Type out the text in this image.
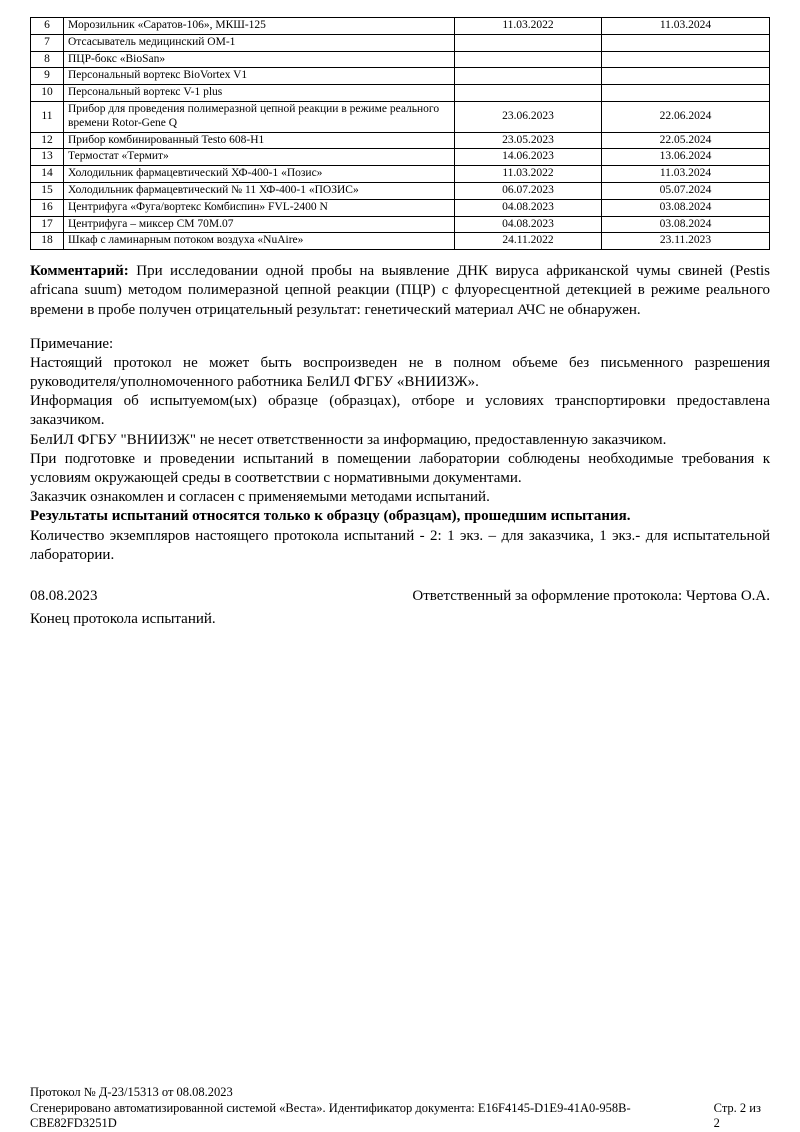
6	Морозильник «Саратов-106», МКШ-125	11.03.2022	11.03.2024
7	Отсасыватель медицинский ОМ-1		
8	ПЦР-бокс «BioSan»		
9	Персональный вортекс BioVortex V1		
10	Персональный вортекс V-1 plus		
11	Прибор для проведения полимеразной цепной реакции в режиме реального времени Rotor-Gene Q	23.06.2023	22.06.2024
12	Прибор комбинированный Testo 608-H1	23.05.2023	22.05.2024
13	Термостат «Термит»	14.06.2023	13.06.2024
14	Холодильник фармацевтический ХФ-400-1 «Позис»	11.03.2022	11.03.2024
15	Холодильник фармацевтический № 11 ХФ-400-1 «ПОЗИС»	06.07.2023	05.07.2024
16	Центрифуга «Фуга/вортекс Комбиспин» FVL-2400 N	04.08.2023	03.08.2024
17	Центрифуга – миксер СМ 70М.07	04.08.2023	03.08.2024
18	Шкаф с ламинарным потоком воздуха «NuAire»	24.11.2022	23.11.2023

Комментарий: При исследовании одной пробы на выявление ДНК вируса африканской чумы свиней (Pestis africana suum) методом полимеразной цепной реакции (ПЦР) с флуоресцентной детекцией в режиме реального времени в пробе получен отрицательный результат: генетический материал АЧС не обнаружен.

Примечание:

Настоящий протокол не может быть воспроизведен не в полном объеме без письменного разрешения руководителя/уполномоченного работника БелИЛ ФГБУ «ВНИИЗЖ».

Информация об испытуемом(ых) образце (образцах), отборе и условиях транспортировки предоставлена заказчиком.

БелИЛ ФГБУ "ВНИИЗЖ" не несет ответственности за информацию, предоставленную заказчиком.

При подготовке и проведении испытаний в помещении лаборатории соблюдены необходимые требования к условиям окружающей среды в соответствии с нормативными документами.

Заказчик ознакомлен и согласен с применяемыми методами испытаний.

Результаты испытаний относятся только к образцу (образцам), прошедшим испытания.

Количество экземпляров настоящего протокола испытаний - 2: 1 экз. – для заказчика, 1 экз.- для испытательной лаборатории.

08.08.2023	Ответственный за оформление протокола: Чертова О.А.

Конец протокола испытаний.

Протокол № Д-23/15313 от 08.08.2023
Сгенерировано автоматизированной системой «Веста». Идентификатор документа: E16F4145-D1E9-41A0-958B-CBE82FD3251D
Стр. 2 из 2
